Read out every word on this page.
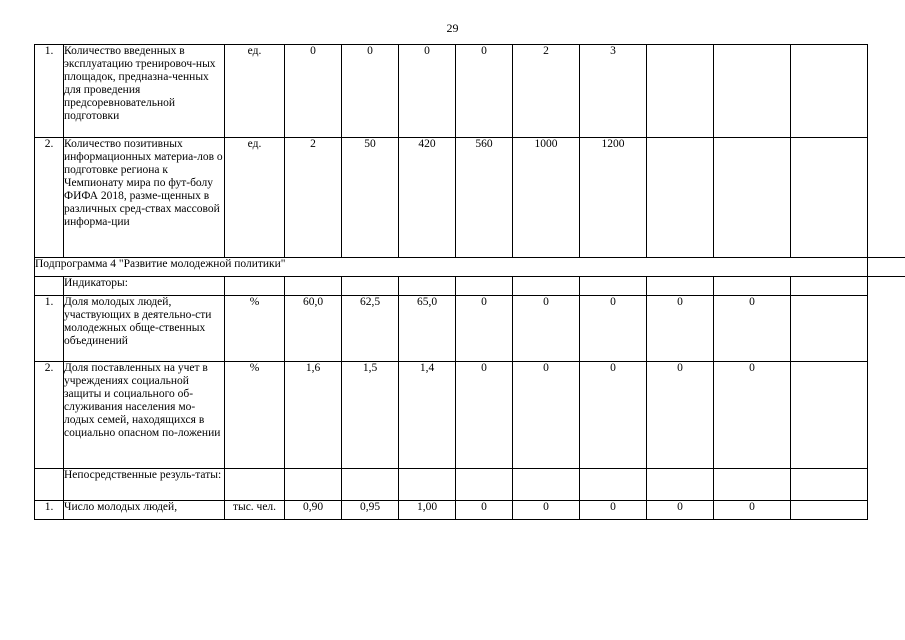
29
1.	Количество введенных в эксплуатацию тренировоч-ных площадок, предназна-ченных для проведения предсоревновательной подготовки	ед.	0	0	0	0	2	3				
2.	Количество позитивных информационных материа-лов о подготовке региона к Чемпионату мира по фут-болу ФИФА 2018, разме-щенных в различных сред-ствах массовой информа-ции	ед.	2	50	420	560	1000	1200				
Подпрограмма 4 "Развитие молодежной политики"												
	Индикаторы:											
1.	Доля молодых людей, участвующих в деятельно-сти молодежных обще-ственных объединений	%	60,0	62,5	65,0	0	0	0	0	0		
2.	Доля поставленных на учет в учреждениях социальной защиты и социального об-служивания населения мо-лодых семей, находящихся в социально опасном по-ложении	%	1,6	1,5	1,4	0	0	0	0	0		
	Непосредственные резуль-таты:											
1.	Число молодых людей,	тыс. чел.	0,90	0,95	1,00	0	0	0	0	0		
